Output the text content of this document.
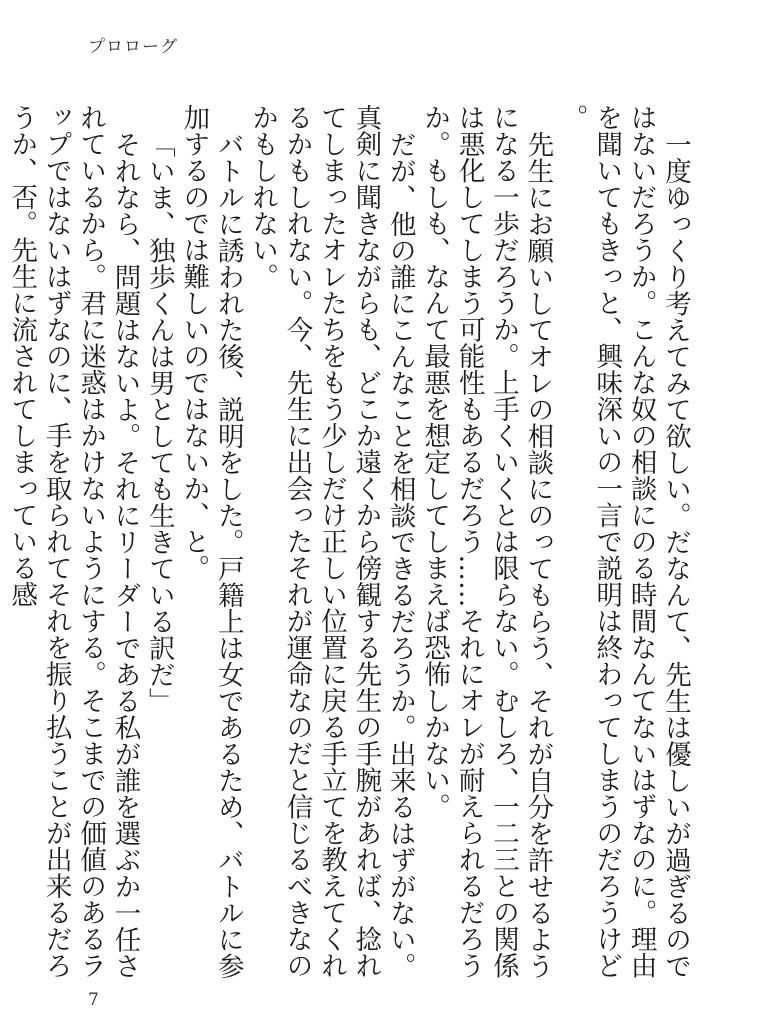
プロローグ

一度ゆっくり考えてみて欲しい。だなんて、先生は優しいが過ぎるのではないだろうか。こんな奴の相談にのる時間なんてないはずなのに。理由を聞いてもきっと、興味深いの一言で説明は終わってしまうのだろうけど。

先生にお願いしてオレの相談にのってもらう、それが自分を許せるようになる一歩だろうか。上手くいくとは限らない。むしろ、一二三との関係は悪化してしまう可能性もあるだろう……それにオレが耐えられるだろうか。もしも、なんて最悪を想定してしまえば恐怖しかない。

だが、他の誰にこんなことを相談できるだろうか。出来るはずがない。真剣に聞きながらも、どこか遠くから傍観する先生の手腕があれば、捻れてしまったオレたちをもう少しだけ正しい位置に戻る手立てを教えてくれるかもしれない。今、先生に出会ったそれが運命なのだと信じるべきなのかもしれない。

バトルに誘われた後、説明をした。戸籍上は女であるため、バトルに参加するのでは難しいのではないか、と。

「いま、独歩くんは男としても生きている訳だ」

それなら、問題はないよ。それにリーダーである私が誰を選ぶか一任されているから。君に迷惑はかけないようにする。そこまでの価値のあるラップではないはずなのに、手を取られてそれを振り払うことが出来るだろうか、否。先生に流されてしまっている感

7
